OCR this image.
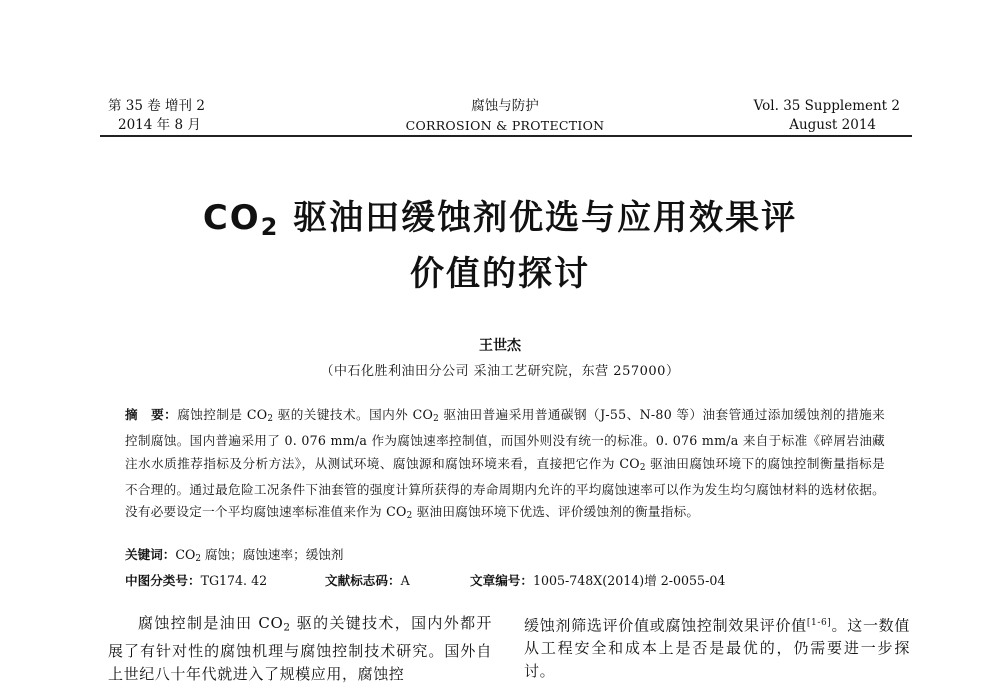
第 35 卷 增刊 2
2014 年 8 月
腐蚀与防护
CORROSION & PROTECTION
Vol. 35 Supplement 2
August 2014
$CO_2$ 驱油田缓蚀剂优选与应用效果评
价值的探讨
王世杰
（中石化胜利油田分公司 采油工艺研究院，东营 257000）
摘　要：腐蚀控制是 $CO_2$ 驱的关键技术。国内外 $CO_2$ 驱油田普遍采用普通碳钢（J-55、N-80 等）油套管通过添加缓蚀剂的措施来控制腐蚀。国内普遍采用了 0. 076 mm/a 作为腐蚀速率控制值，而国外则没有统一的标准。0. 076 mm/a 来自于标准《碎屑岩油藏注水水质推荐指标及分析方法》，从测试环境、腐蚀源和腐蚀环境来看，直接把它作为 $CO_2$ 驱油田腐蚀环境下的腐蚀控制衡量指标是不合理的。通过最危险工况条件下油套管的强度计算所获得的寿命周期内允许的平均腐蚀速率可以作为发生均匀腐蚀材料的选材依据。没有必要设定一个平均腐蚀速率标准值来作为 $CO_2$ 驱油田腐蚀环境下优选、评价缓蚀剂的衡量指标。
关键词：$CO_2$ 腐蚀；腐蚀速率；缓蚀剂
中图分类号：TG174. 42	文献标志码：A	文章编号：1005-748X(2014)增 2-0055-04

腐蚀控制是油田 $CO_2$ 驱的关键技术，国内外都开展了有针对性的腐蚀机理与腐蚀控制技术研究。国外自上世纪八十年代就进入了规模应用，腐蚀控

缓蚀剂筛选评价值或腐蚀控制效果评价值[1-6]。这一数值从工程安全和成本上是否是最优的，仍需要进一步探讨。
